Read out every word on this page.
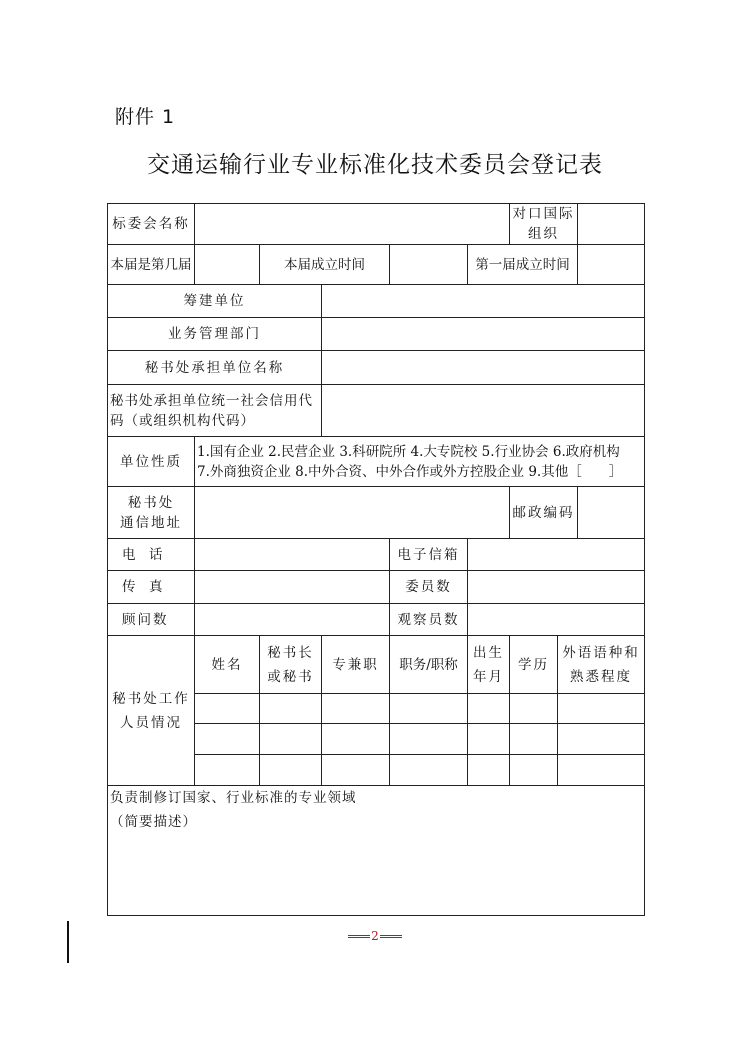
附件 1
交通运输行业专业标准化技术委员会登记表
标委会名称						对口国际组织		
本届是第几届		本届成立时间			第一届成立时间			
筹建单位								
业务管理部门								
秘书处承担单位名称								
秘书处承担单位统一社会信用代码（或组织机构代码）								
单位性质	1.国有企业 2.民营企业 3.科研院所 4.大专院校 5.行业协会 6.政府机构
7.外商独资企业 8.中外合资、中外合作或外方控股企业 9.其他［　　］							

秘书处
通信地址						邮政编码		
电　话				电子信箱				
传　真				委员数				
顾问数				观察员数				
秘书处工作人员情况	姓名	秘书长或秘书	专兼职	职务/职称	出生年月	学历	外语语种和熟悉程度	

负责制修订国家、行业标准的专业领域
（简要描述）								
2
